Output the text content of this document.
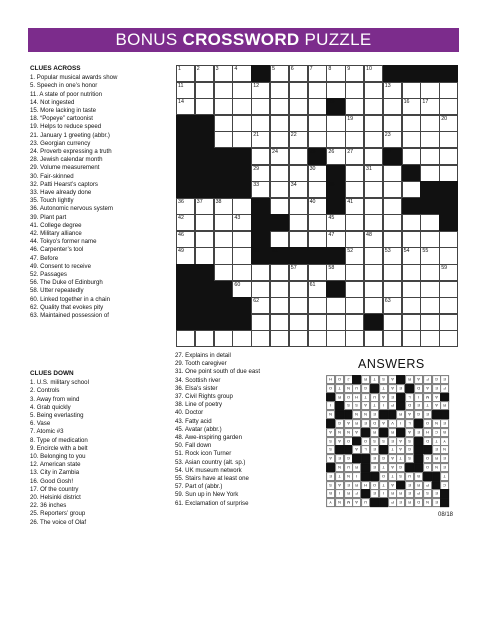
BONUS CROSSWORD PUZZLE
CLUES ACROSS
1. Popular musical awards show
5. Speech in one’s honor
11. A state of poor nutrition
14. Not ingested
15. More lacking in taste
18. “Popeye” cartoonist
19. Helps to reduce speed
21. January 1 greeting (abbr.)
23. Georgian currency
24. Proverb expressing a truth
28. Jewish calendar month
29. Volume measurement
30. Fair-skinned
32. Patti Hearst’s captors
33. Have already done
35. Touch lightly
36. Autonomic nervous system
39. Plant part
41. College degree
42. Military alliance
44. Tokyo’s former name
46. Carpenter’s tool
47. Before
49. Consent to receive
52. Passages
56. The Duke of Edinburgh
58. Utter repeatedly
60. Linked together in a chain
62. Quality that evokes pity
63. Maintained possession of
CLUES DOWN
1. U.S. military school
2. Controls
3. Away from wind
4. Grab quickly
5. Being everlasting
6. Vase
7. Atomic #3
8. Type of medication
9. Encircle with a belt
10. Belonging to you
12. American state
13. City in Zambia
16. Good Gosh!
17. Of the country
20. Helsinki district
22. 36 inches
25. Reporters’ group
26. The voice of Olaf
27. Explains in detail
29. Tooth caregiver
31. One point south of due east
34. Scottish river
36. Elsa’s sister
37. Civil Rights group
38. Line of poetry
40. Doctor
43. Fatty acid
45. Avatar (abbr.)
48. Awe-inspiring garden
50. Fall down
51. Rock icon Turner
53. Asian country (alt. sp.)
54. UK museum network
55. Stairs have at least one
57. Part of (abbr.)
59. Sun up in New York
61. Exclamation of surprise
1	2	3	4	5	6	7	8	9	10
11	12	13
14	15	16 17
18	19	20
21	22	23
24	25 26 27	28
29	30	31	32
33	34	35
36 37 38	39	40	41
42	43	44	45
46	47	48
49	50 51	52	53 54 55
56	57	58	59
60	61
62	63
ANSWERS
H	O	J	R	T	S	A	R	A	F	G	E
O	T	N	U	G	T	A	E	D	A	E	F
R	O	H	T	U	A	E	L	I	M	A
I	S	S	A	T	I	P	D	E	T	A	R
N	N	N	E	R	A	G	E
G	A	R	E	D	A	V	I	L	O	N	E
A	N	N	A	R	R	A	E	H	C	B
S	A	O	O	S	S	E	A	S	D	T	Y
S	A	L	E	T	A	G	E	N
A	E	G	E	G	A	T	S	O	R	E
N	U	R	E	T	A	G	O	N	E
E	T	N	I	O	T	S	U	B	T
S	A	E	R	H	O	T	A	E	R	P	C
B	I	R	F	E	I	R	R	E	P	S	E
Y	N	M	A	U	P	E	R	D	N	E
08/18
